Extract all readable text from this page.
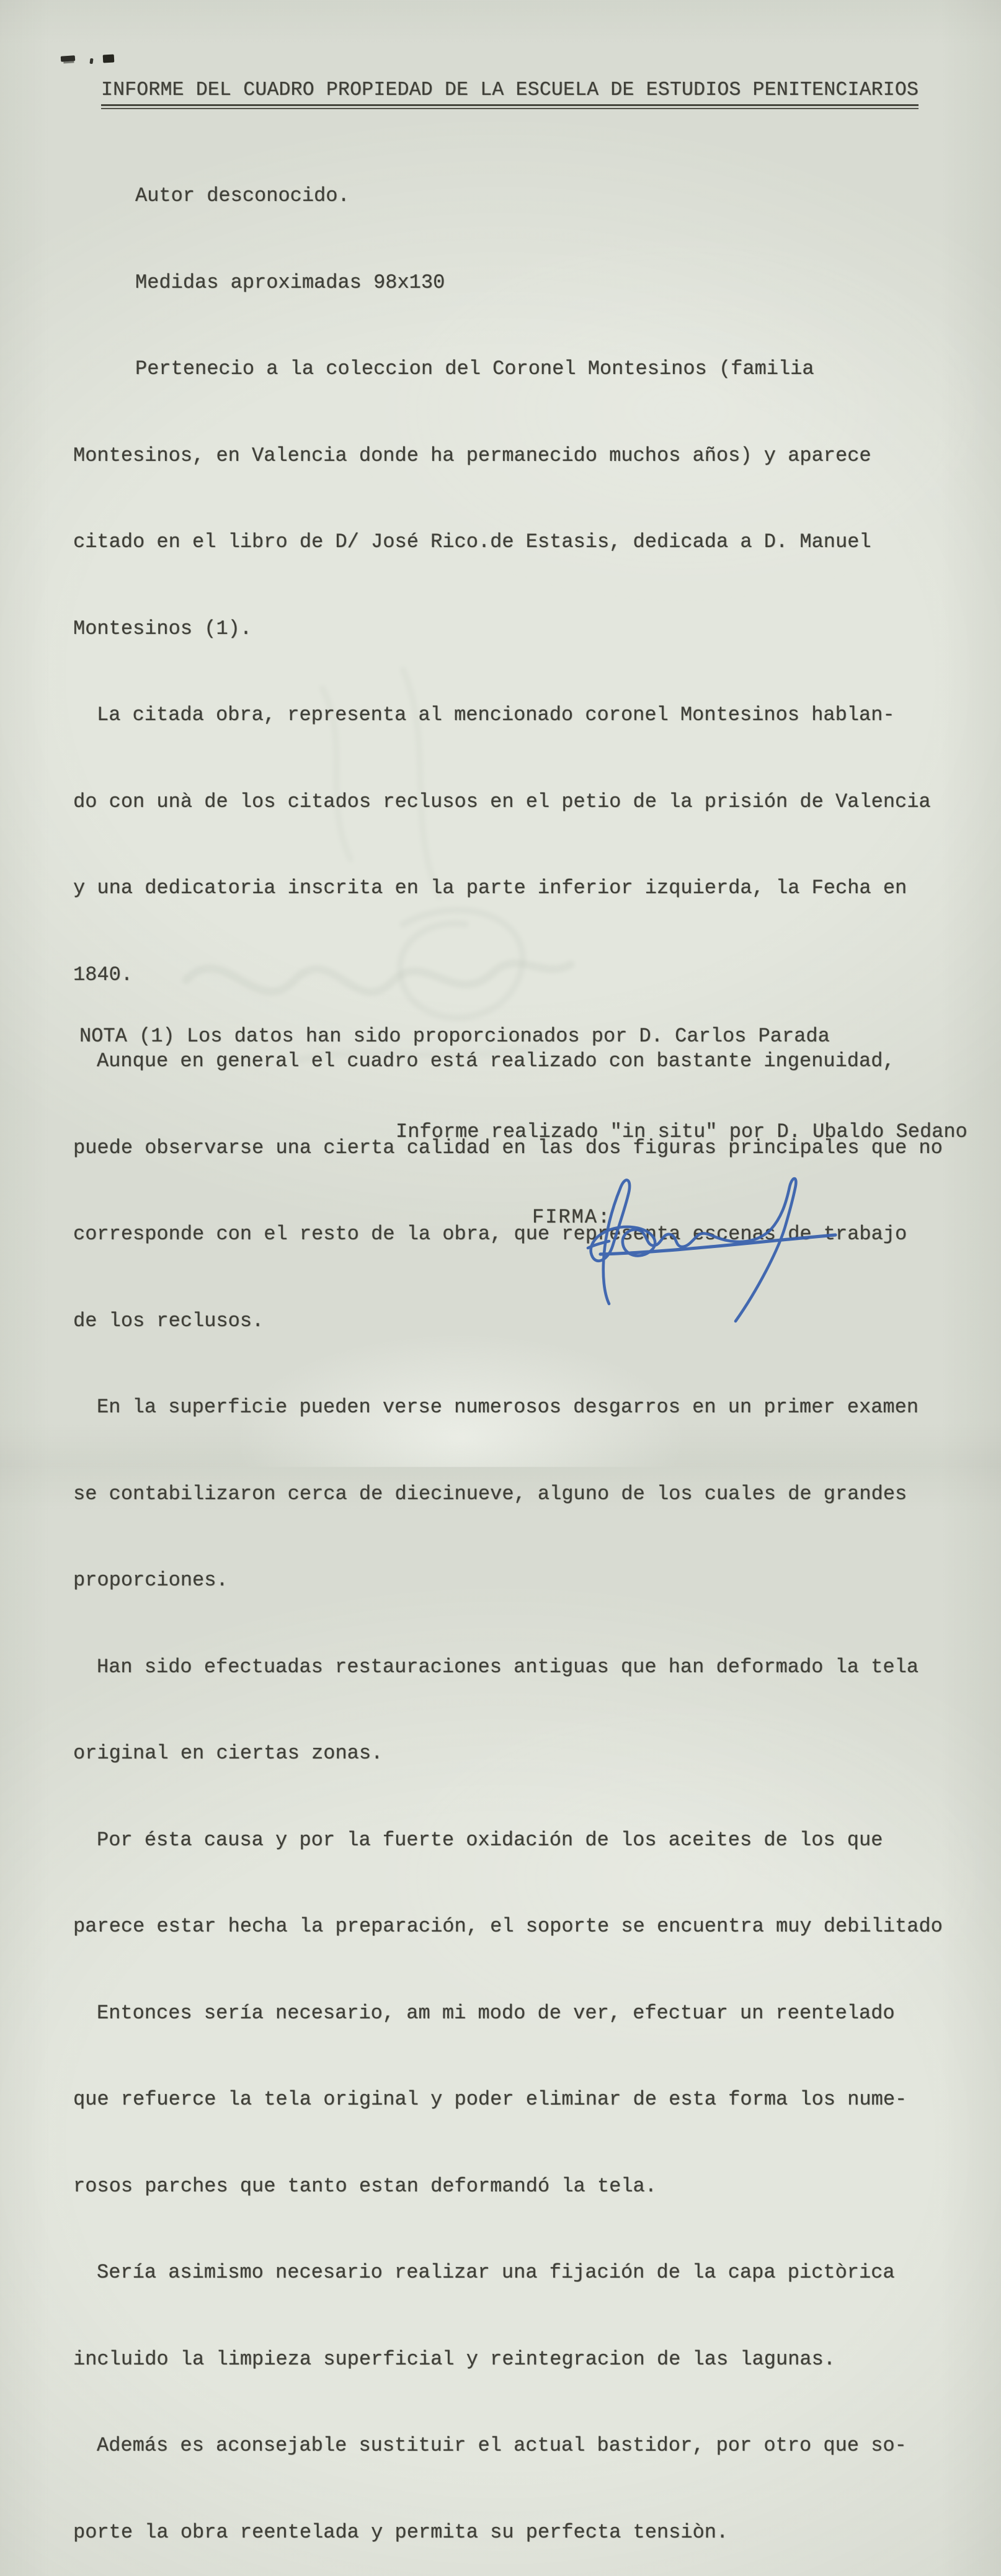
INFORME DEL CUADRO PROPIEDAD DE LA ESCUELA DE ESTUDIOS PENITENCIARIOS

Autor desconocido.

Medidas aproximadas 98x130

Pertenecio a la coleccion del Coronel Montesinos (familia

Montesinos, en Valencia donde ha permanecido muchos años) y aparece

citado en el libro de D/ José Rico.de Estasis, dedicada a D. Manuel

Montesinos (1).

La citada obra, representa al mencionado coronel Montesinos hablan-

do con unà de los citados reclusos en el petio de la prisión de Valencia

y una dedicatoria inscrita en la parte inferior izquierda, la Fecha en

1840.

Aunque en general el cuadro está realizado con bastante ingenuidad,

puede observarse una cierta calidad en las dos figuras principales que no

corresponde con el resto de la obra, que representa escenas de trabajo

de los reclusos.

En la superficie pueden verse numerosos desgarros en un primer examen

se contabilizaron cerca de diecinueve, alguno de los cuales de grandes

proporciones.

Han sido efectuadas restauraciones antiguas que han deformado la tela

original en ciertas zonas.

Por ésta causa y por la fuerte oxidación de los aceites de los que

parece estar hecha la preparación, el soporte se encuentra muy debilitado

Entonces sería necesario, am mi modo de ver, efectuar un reentelado

que refuerce la tela original y poder eliminar de esta forma los nume-

rosos parches que tanto estan deformandó la tela.

Sería asimismo necesario realizar una fijación de la capa pictòrica

incluido la limpieza superficial y reintegracion de las lagunas.

Además es aconsejable sustituir el actual bastidor, por otro que so-

porte la obra reentelada y permita su perfecta tensiòn.

NOTA (1) Los datos han sido proporcionados por D. Carlos Parada
Informe realizado "in situ" por D. Ubaldo Sedano
FIRMA:
